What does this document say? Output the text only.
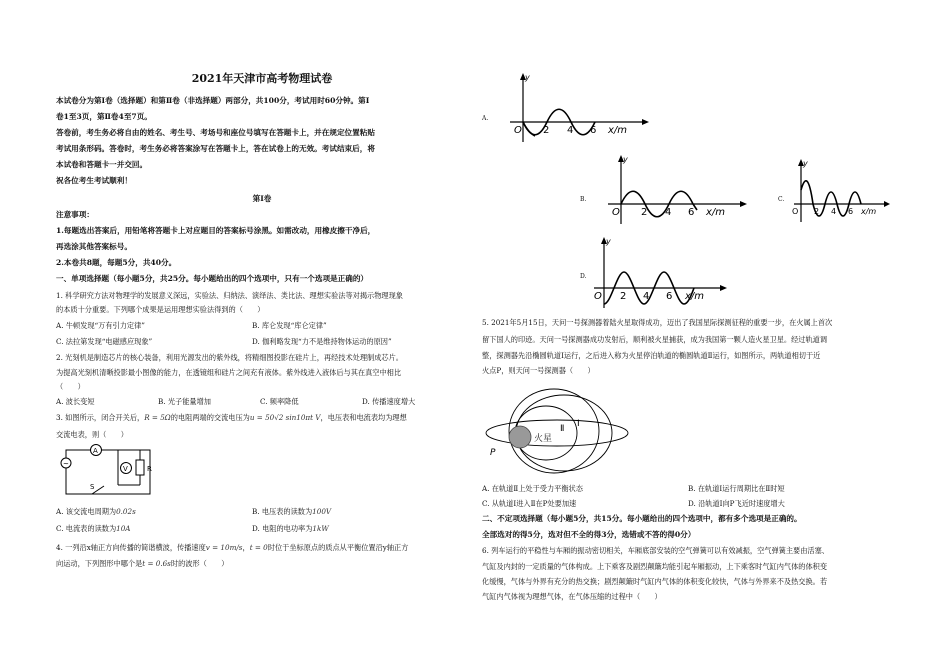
2021年天津市高考物理试卷
本试卷分为第Ⅰ卷（选择题）和第Ⅱ卷（非选择题）两部分，共100分，考试用时60分钟。第Ⅰ
卷1至3页，第Ⅱ卷4至7页。
答卷前，考生务必将自由的姓名、考生号、考场号和座位号填写在答题卡上，并在规定位置粘贴
考试用条形码。答卷时，考生务必将答案涂写在答题卡上，答在试卷上的无效。考试结束后，将
本试卷和答题卡一并交回。
祝各位考生考试顺利！
第Ⅰ卷
注意事项：
1.每题选出答案后，用铅笔将答题卡上对应题目的答案标号涂黑。如需改动，用橡皮擦干净后，
再选涂其他答案标号。
2.本卷共8题，每题5分，共40分。
一、单项选择题（每小题5分，共25分。每小题给出的四个选项中，只有一个选项是正确的）
1. 科学研究方法对物理学的发展意义深远，实验法、归纳法、演绎法、类比法、理想实验法等对揭示物理现象
的本质十分重要。下列哪个成果是运用理想实验法得到的（　　）
A. 牛顿发现“万有引力定律”	B. 库仑发现“库仑定律”
C. 法拉第发现“电磁感应现象”	D. 伽利略发现“力不是维持物体运动的原因”
2. 光刻机是制造芯片的核心装备，利用光源发出的紫外线，将精细图投影在硅片上，再经技术处理制成芯片。
为提高光刻机清晰投影最小图像的能力，在透镜组和硅片之间充有液体。紫外线进入液体后与其在真空中相比
（　　）
A. 波长变短	B. 光子能量增加	C. 频率降低	D. 传播速度增大
3. 如图所示，闭合开关后，R = 5Ω的电阻两端的交流电压为u = 50√2 sin10πt V，电压表和电流表均为理想
交流电表，则（　　）
A
V	R
S
~
A. 该交流电周期为0.02s	B. 电压表的读数为100V
C. 电流表的读数为10A	D. 电阻的电功率为1kW
4. 一列沿x轴正方向传播的简谐横波，传播速度v = 10m/s，t = 0时位于坐标原点的质点从平衡位置沿y轴正方
向运动，下列图形中哪个是t = 0.6s时的波形（　　）
A.
y
O 2 4 6 x/m
B.
y
O 2 4 6 x/m
C.
y
O 2 4 6 x/m
D.
y
O 2 4 6 x/m
5. 2021年5月15日，天问一号探测器着陆火星取得成功，迈出了我国星际探测征程的重要一步，在火属上首次
留下国人的印迹。天问一号探测器成功发射后，顺利被火星捕获，成为我国第一颗人造火星卫星。经过轨道调
整，探测器先沿椭圆轨道Ⅰ运行，之后进入称为火星停泊轨道的椭圆轨道Ⅱ运行，如图所示，两轨道相切于近
火点P，则天问一号探测器（　　）
火星
Ⅱ Ⅰ
P
A. 在轨道Ⅱ上处于受力平衡状态	B. 在轨道Ⅰ运行周期比在Ⅱ时短
C. 从轨道Ⅰ进入Ⅱ在P处要加速	D. 沿轨道Ⅰ向P飞近时速度增大
二、不定项选择题（每小题5分，共15分。每小题给出的四个选项中，都有多个选项是正确的。
全部选对的得5分，选对但不全的得3分，选错或不答的得0分）
6. 列车运行的平稳性与车厢的振动密切相关，车厢底部安装的空气弹簧可以有效减振，空气弹簧主要由活塞、
气缸及内封的一定质量的气体构成。上下乘客及剧烈颠簸均能引起车厢振动，上下乘客时气缸内气体的体积变
化缓慢，气体与外界有充分的热交换；剧烈颠簸时气缸内气体的体积变化较快，气体与外界来不及热交换。若
气缸内气体视为理想气体，在气体压缩的过程中（　　）
